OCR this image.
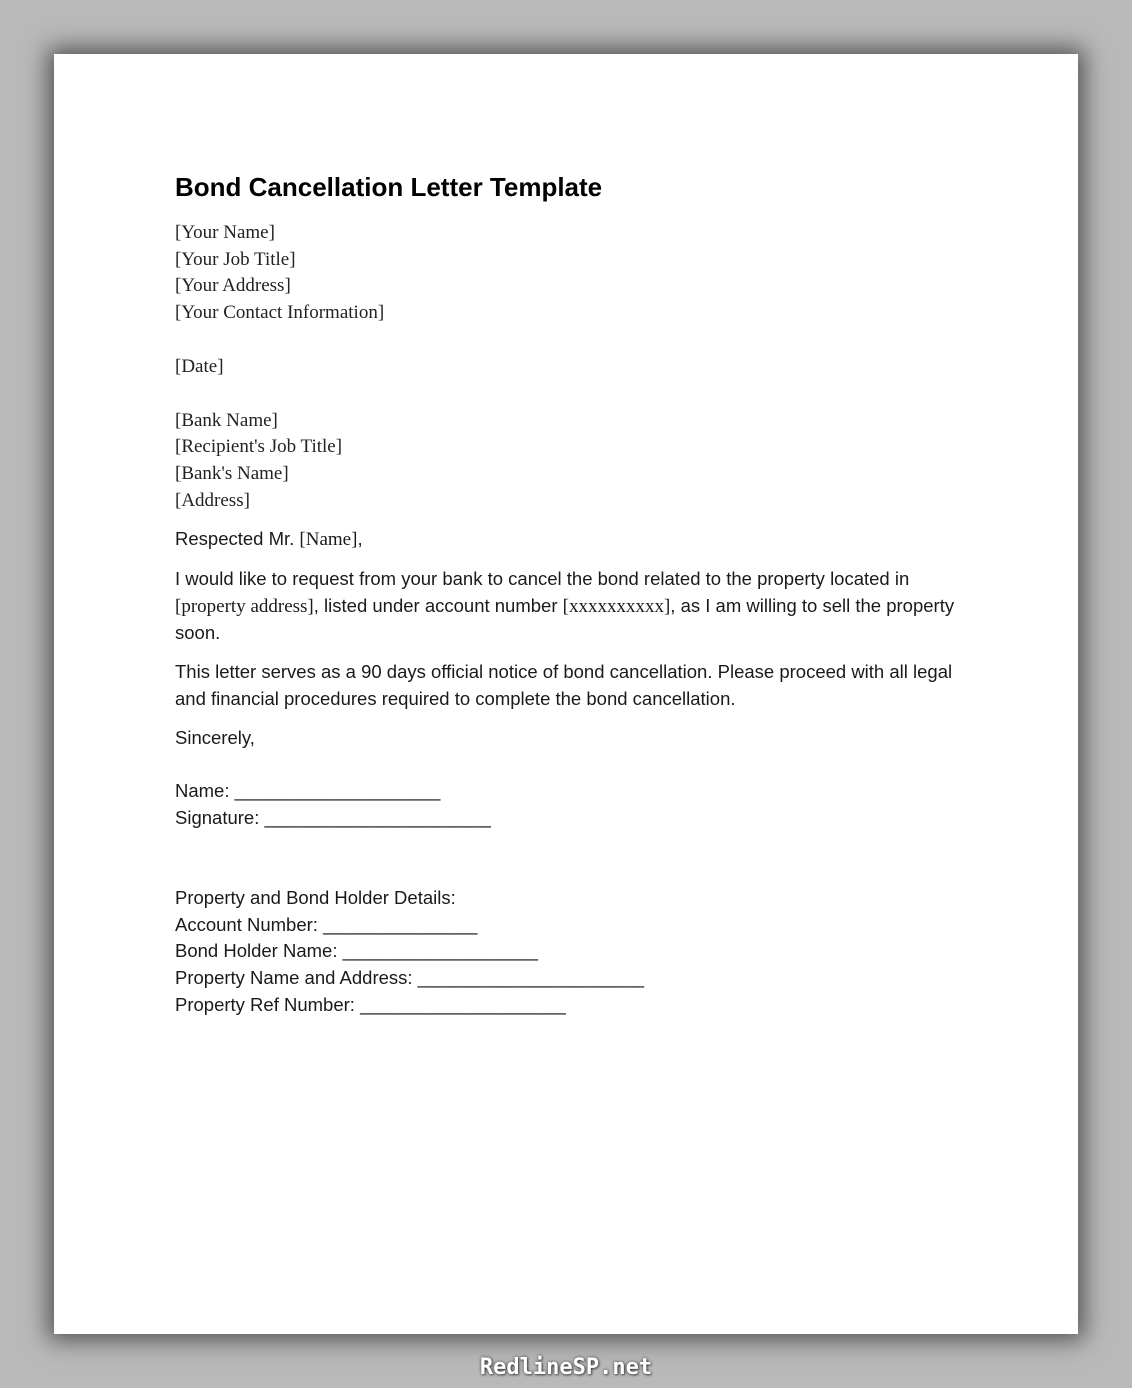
Bond Cancellation Letter Template
[Your Name]
[Your Job Title]
[Your Address]
[Your Contact Information]
[Date]
[Bank Name]
[Recipient's Job Title]
[Bank's Name]
[Address]

Respected Mr. [Name],

I would like to request from your bank to cancel the bond related to the property located in [property address], listed under account number [xxxxxxxxxx], as I am willing to sell the property soon.

This letter serves as a 90 days official notice of bond cancellation. Please proceed with all legal and financial procedures required to complete the bond cancellation.

Sincerely,

Name: ____________________
Signature: ______________________
Property and Bond Holder Details:
Account Number: _______________
Bond Holder Name: ___________________
Property Name and Address: ______________________
Property Ref Number: ____________________
RedlineSP.net
